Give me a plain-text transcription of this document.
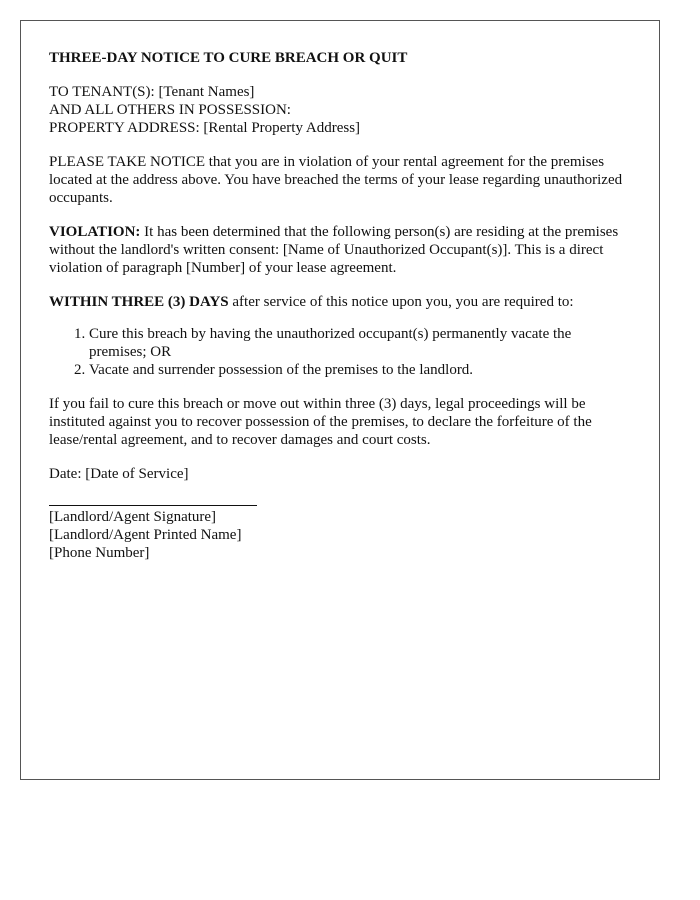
THREE-DAY NOTICE TO CURE BREACH OR QUIT
TO TENANT(S): [Tenant Names]
AND ALL OTHERS IN POSSESSION:
PROPERTY ADDRESS: [Rental Property Address]

PLEASE TAKE NOTICE that you are in violation of your rental agreement for the premises located at the address above. You have breached the terms of your lease regarding unauthorized occupants.

VIOLATION: It has been determined that the following person(s) are residing at the premises without the landlord's written consent: [Name of Unauthorized Occupant(s)]. This is a direct violation of paragraph [Number] of your lease agreement.

WITHIN THREE (3) DAYS after service of this notice upon you, you are required to:

1. Cure this breach by having the unauthorized occupant(s) permanently vacate the premises; OR
2. Vacate and surrender possession of the premises to the landlord.

If you fail to cure this breach or move out within three (3) days, legal proceedings will be instituted against you to recover possession of the premises, to declare the forfeiture of the lease/rental agreement, and to recover damages and court costs.

Date: [Date of Service]
[Landlord/Agent Signature]
[Landlord/Agent Printed Name]
[Phone Number]
